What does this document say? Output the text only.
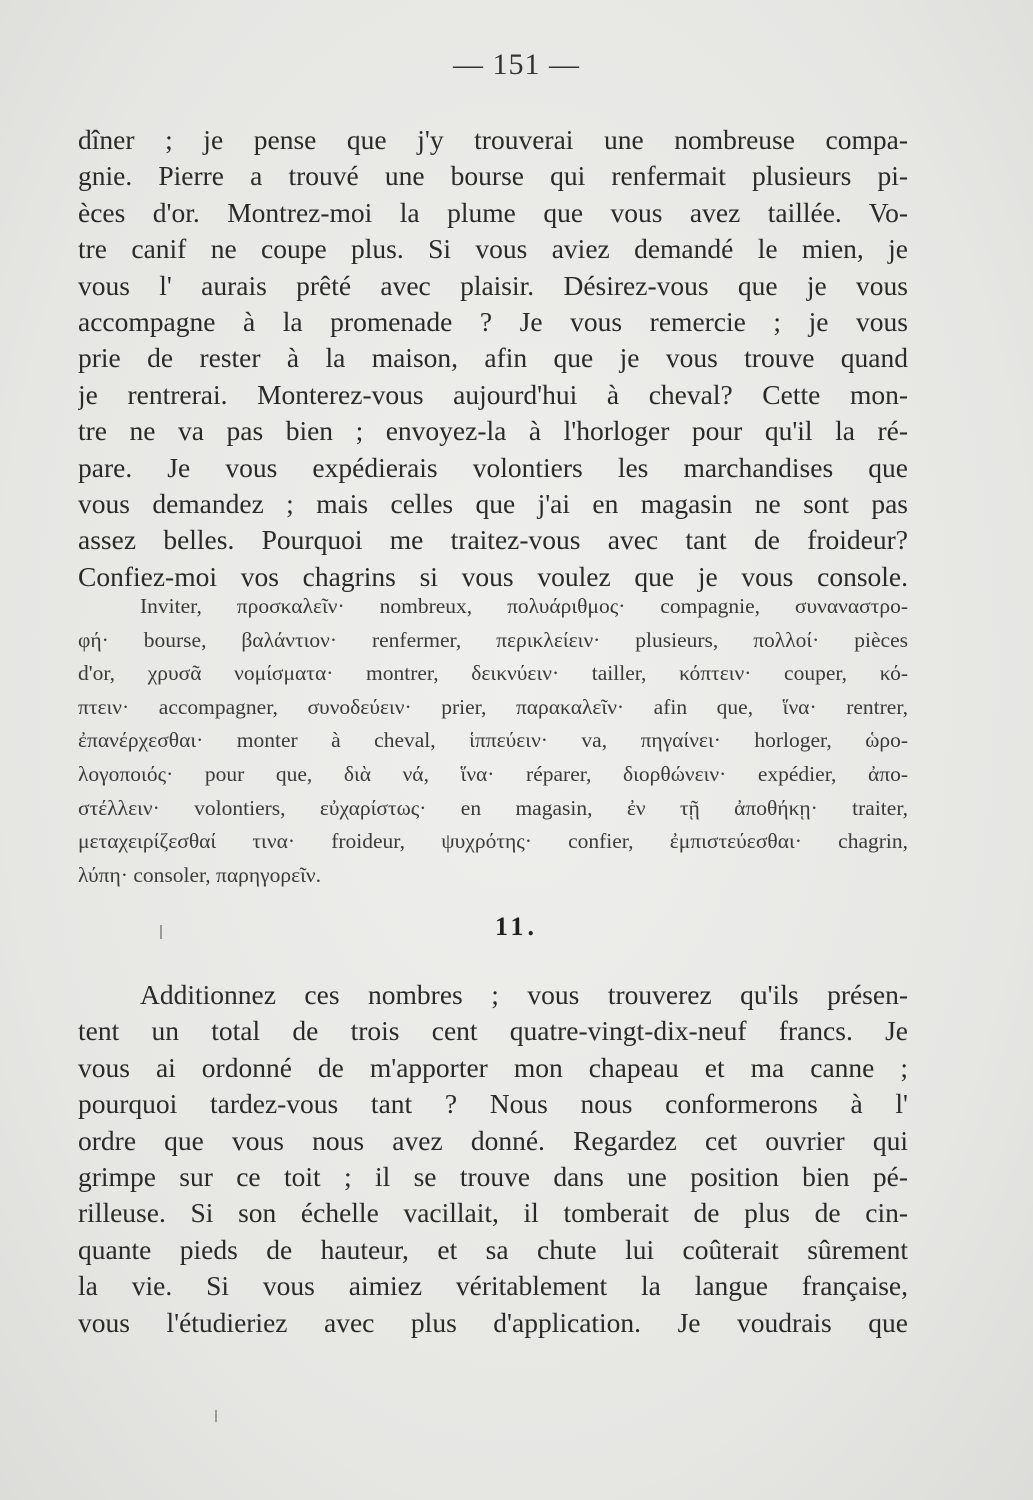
— 151 —
dîner ; je pense que j'y trouverai une nombreuse compa-
gnie. Pierre a trouvé une bourse qui renfermait plusieurs pi-
èces d'or. Montrez-moi la plume que vous avez taillée. Vo-
tre canif ne coupe plus. Si vous aviez demandé le mien, je
vous l' aurais prêté avec plaisir. Désirez-vous que je vous
accompagne à la promenade ? Je vous remercie ; je vous
prie de rester à la maison, afin que je vous trouve quand
je rentrerai. Monterez-vous aujourd'hui à cheval? Cette mon-
tre ne va pas bien ; envoyez-la à l'horloger pour qu'il la ré-
pare. Je vous expédierais volontiers les marchandises que
vous demandez ; mais celles que j'ai en magasin ne sont pas
assez belles. Pourquoi me traitez-vous avec tant de froideur?
Confiez-moi vos chagrins si vous voulez que je vous console.
Inviter, προσκαλεῖν· nombreux, πολυάριθμος· compagnie, συναναστρο-
φή· bourse, βαλάντιον· renfermer, περικλείειν· plusieurs, πολλοί· pièces
d'or, χρυσᾶ νομίσματα· montrer, δεικνύειν· tailler, κόπτειν· couper, κό-
πτειν· accompagner, συνοδεύειν· prier, παρακαλεῖν· afin que, ἵνα· rentrer,
ἐπανέρχεσθαι· monter à cheval, ἱππεύειν· va, πηγαίνει· horloger, ὡρο-
λογοποιός· pour que, διὰ νά, ἵνα· réparer, διορθώνειν· expédier, ἀπο-
στέλλειν· volontiers, εὐχαρίστως· en magasin, ἐν τῇ ἀποθήκῃ· traiter,
μεταχειρίζεσθαί τινα· froideur, ψυχρότης· confier, ἐμπιστεύεσθαι· chagrin,
λύπη· consoler, παρηγορεῖν.
11.
Additionnez ces nombres ; vous trouverez qu'ils présen-
tent un total de trois cent quatre-vingt-dix-neuf francs. Je
vous ai ordonné de m'apporter mon chapeau et ma canne ;
pourquoi tardez-vous tant ? Nous nous conformerons à l'
ordre que vous nous avez donné. Regardez cet ouvrier qui
grimpe sur ce toit ; il se trouve dans une position bien pé-
rilleuse. Si son échelle vacillait, il tomberait de plus de cin-
quante pieds de hauteur, et sa chute lui coûterait sûrement
la vie. Si vous aimiez véritablement la langue française,
vous l'étudieriez avec plus d'application. Je voudrais que
